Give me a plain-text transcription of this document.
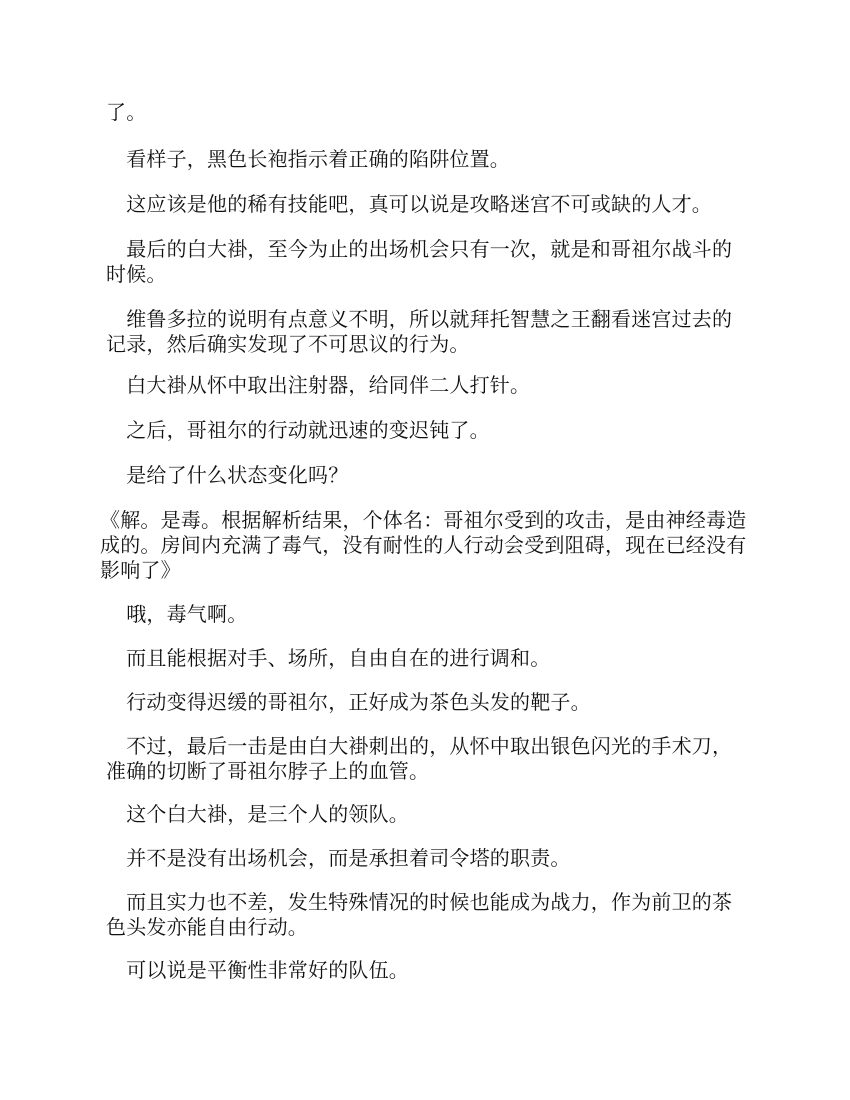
了。

　看样子，黑色长袍指示着正确的陷阱位置。

　这应该是他的稀有技能吧，真可以说是攻略迷宫不可或缺的人才。

　最后的白大褂，至今为止的出场机会只有一次，就是和哥祖尔战斗的时候。

　维鲁多拉的说明有点意义不明，所以就拜托智慧之王翻看迷宫过去的记录，然后确实发现了不可思议的行为。

　白大褂从怀中取出注射器，给同伴二人打针。

　之后，哥祖尔的行动就迅速的变迟钝了。

　是给了什么状态变化吗？

《解。是毒。根据解析结果，个体名：哥祖尔受到的攻击，是由神经毒造成的。房间内充满了毒气，没有耐性的人行动会受到阻碍，现在已经没有影响了》

　哦，毒气啊。

　而且能根据对手、场所，自由自在的进行调和。

　行动变得迟缓的哥祖尔，正好成为茶色头发的靶子。

　不过，最后一击是由白大褂刺出的，从怀中取出银色闪光的手术刀，准确的切断了哥祖尔脖子上的血管。

　这个白大褂，是三个人的领队。

　并不是没有出场机会，而是承担着司令塔的职责。

　而且实力也不差，发生特殊情况的时候也能成为战力，作为前卫的茶色头发亦能自由行动。

　可以说是平衡性非常好的队伍。
